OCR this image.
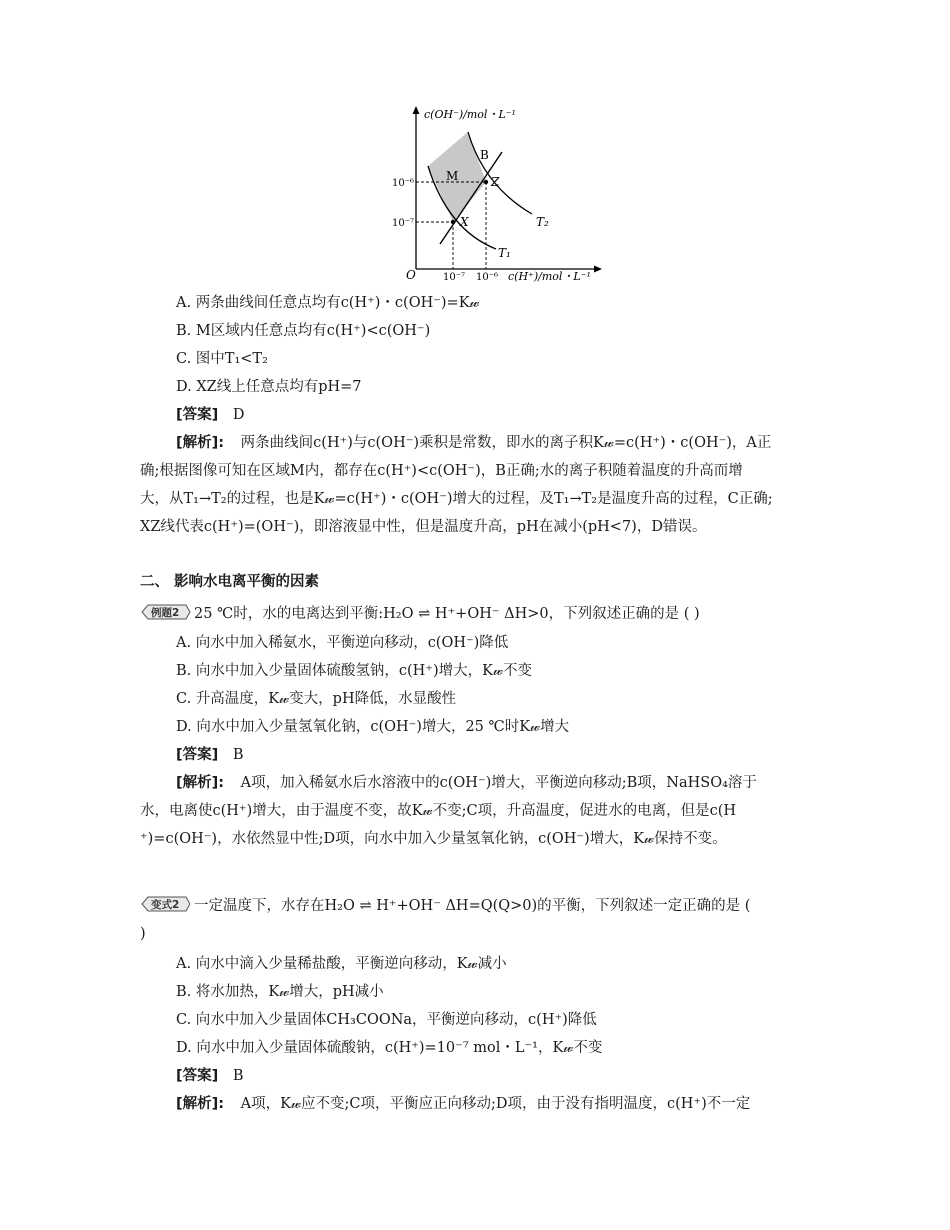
c(OH⁻)/mol・L⁻¹
c(H⁺)/mol・L⁻¹
O	10⁻⁷ 10⁻⁶
10⁻⁶
10⁻⁷
B
M	Z
X	T₂
T₁
A. 两条曲线间任意点均有c(H⁺)・c(OH⁻)=K𝓌
B. M区域内任意点均有c(H⁺)<c(OH⁻)
C. 图中T₁<T₂
D. XZ线上任意点均有pH=7
[答案] D
[解析]: 两条曲线间c(H⁺)与c(OH⁻)乘积是常数，即水的离子积K𝓌=c(H⁺)・c(OH⁻)，A正
确;根据图像可知在区域M内，都存在c(H⁺)<c(OH⁻)，B正确;水的离子积随着温度的升高而增
大，从T₁→T₂的过程，也是K𝓌=c(H⁺)・c(OH⁻)增大的过程，及T₁→T₂是温度升高的过程，C正确;
XZ线代表c(H⁺)=(OH⁻)，即溶液显中性，但是温度升高，pH在减小(pH<7)，D错误。
二、 影响水电离平衡的因素
例题2 25 ℃时，水的电离达到平衡:H₂O ⇌ H⁺+OH⁻ ΔH>0，下列叙述正确的是 ( )
A. 向水中加入稀氨水，平衡逆向移动，c(OH⁻)降低
B. 向水中加入少量固体硫酸氢钠，c(H⁺)增大，K𝓌不变
C. 升高温度，K𝓌变大，pH降低，水显酸性
D. 向水中加入少量氢氧化钠，c(OH⁻)增大，25 ℃时K𝓌增大
[答案] B
[解析]: A项，加入稀氨水后水溶液中的c(OH⁻)增大，平衡逆向移动;B项，NaHSO₄溶于
水，电离使c(H⁺)增大，由于温度不变，故K𝓌不变;C项，升高温度，促进水的电离，但是c(H
⁺)=c(OH⁻)，水依然显中性;D项，向水中加入少量氢氧化钠，c(OH⁻)增大，K𝓌保持不变。
变式2 一定温度下，水存在H₂O ⇌ H⁺+OH⁻ ΔH=Q(Q>0)的平衡，下列叙述一定正确的是 (
)
A. 向水中滴入少量稀盐酸，平衡逆向移动，K𝓌减小
B. 将水加热，K𝓌增大，pH减小
C. 向水中加入少量固体CH₃COONa，平衡逆向移动，c(H⁺)降低
D. 向水中加入少量固体硫酸钠，c(H⁺)=10⁻⁷ mol・L⁻¹，K𝓌不变
[答案] B
[解析]: A项，K𝓌应不变;C项，平衡应正向移动;D项，由于没有指明温度，c(H⁺)不一定
